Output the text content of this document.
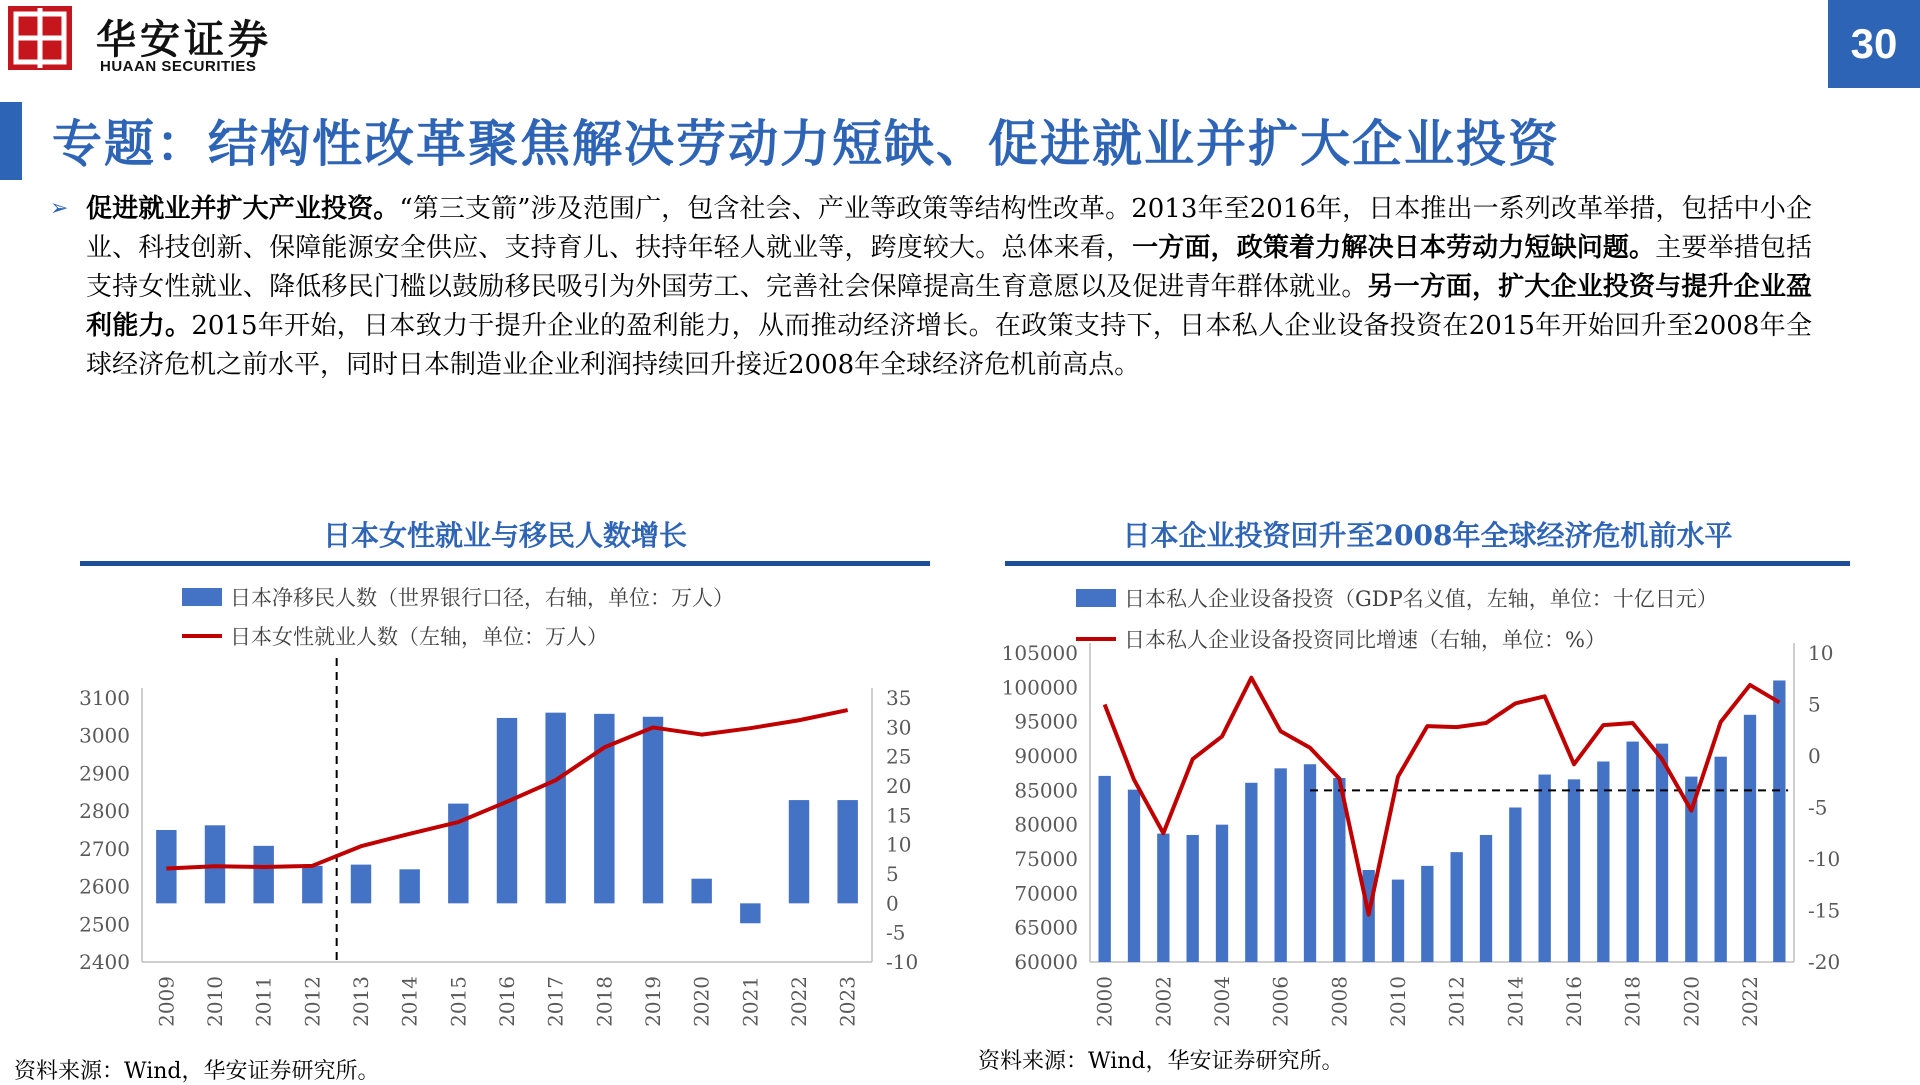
华安证券
HUAAN SECURITIES	30
专题：结构性改革聚焦解决劳动力短缺、促进就业并扩大企业投资
➢ 促进就业并扩大产业投资。“第三支箭”涉及范围广，包含社会、产业等政策等结构性改革。2013年至2016年，日本推出一系列改革举措，包括中小企业、科技创新、保障能源安全供应、支持育儿、扶持年轻人就业等，跨度较大。总体来看，一方面，政策着力解决日本劳动力短缺问题。主要举措包括支持女性就业、降低移民门槛以鼓励移民吸引为外国劳工、完善社会保障提高生育意愿以及促进青年群体就业。另一方面，扩大企业投资与提升企业盈利能力。2015年开始，日本致力于提升企业的盈利能力，从而推动经济增长。在政策支持下，日本私人企业设备投资在2015年开始回升至2008年全球经济危机之前水平，同时日本制造业企业利润持续回升接近2008年全球经济危机前高点。
日本女性就业与移民人数增长	日本企业投资回升至2008年全球经济危机前水平
2400
2500
2600
2700
2800
2900
3000
3100
-10
-5
0
5
10
15
20
25
30
35
2009 2010 2011 2012 2013 2014 2015 2016 2017 2018 2019 2020 2021 2022 2023
日本净移民人数（世界银行口径，右轴，单位：万人）
日本女性就业人数（左轴，单位：万人）
60000
65000
70000
75000
80000
85000
90000
95000
100000
105000
-20
-15
-10
-5
0
5
10
2000 2002 2004 2006 2008 2010 2012 2014 2016 2018 2020 2022
日本私人企业设备投资（GDP名义值，左轴，单位：十亿日元）
日本私人企业设备投资同比增速（右轴，单位：%）
资料来源：Wind，华安证券研究所。	资料来源：Wind，华安证券研究所。
